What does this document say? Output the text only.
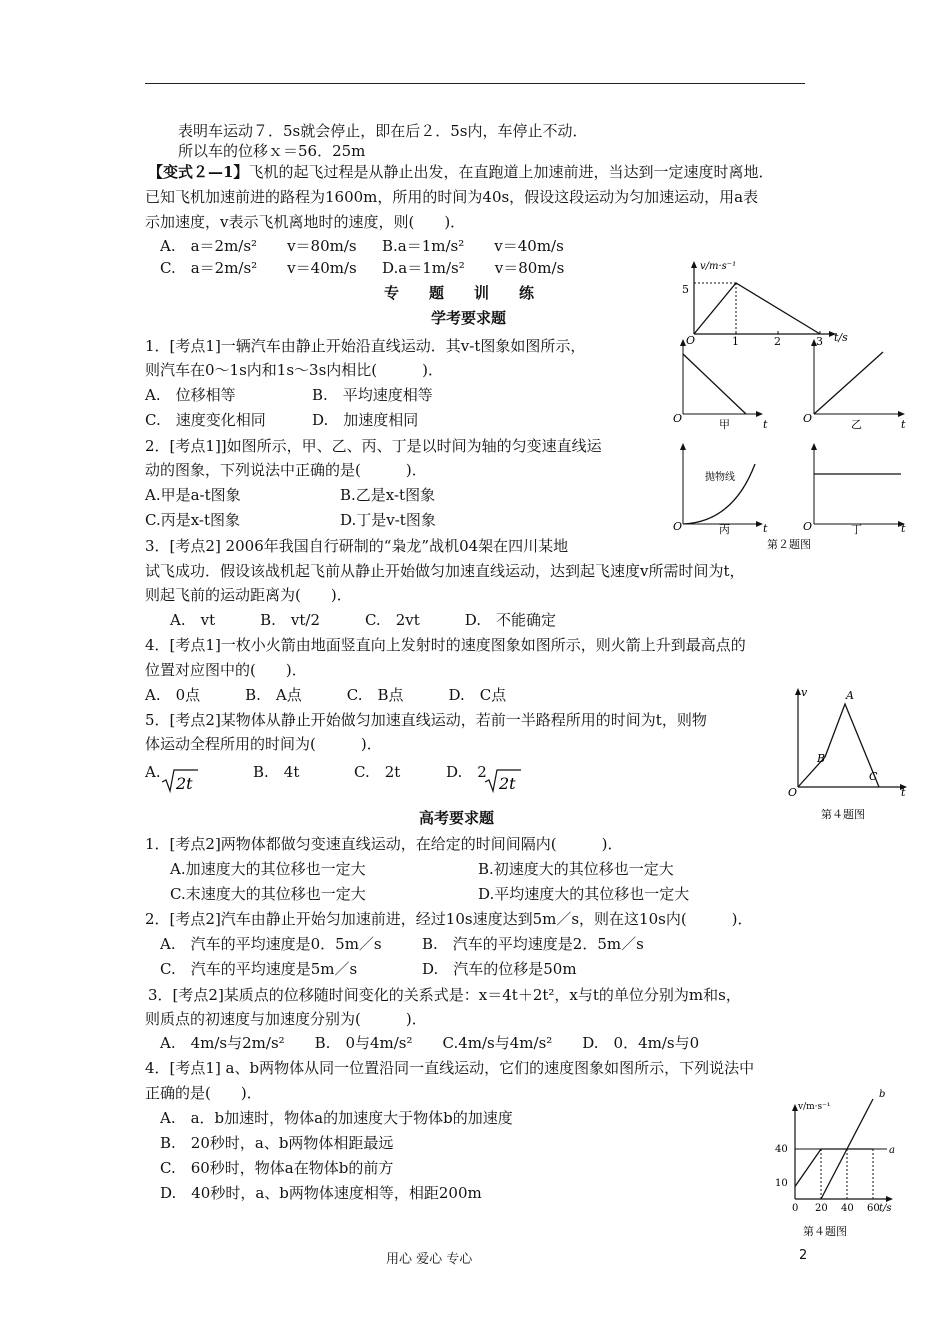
表明车运动７．5s就会停止，即在后２．5s内，车停止不动．
所以车的位移ｘ＝56．25m
【变式２—1】飞机的起飞过程是从静止出发，在直跑道上加速前进，当达到一定速度时离地．
已知飞机加速前进的路程为1600m，所用的时间为40s，假设这段运动为匀加速运动，用a表
示加速度，v表示飞机离地时的速度，则(　　)．
A.　a＝2m/s²　　v＝80m/s B.a＝1m/s²　　v＝40m/s
C.　a＝2m/s²　　v＝40m/s D.a＝1m/s²　　v＝80m/s
专　　题　　训　　练
学考要求题
1．[考点1]一辆汽车由静止开始沿直线运动．其v-t图象如图所示，
则汽车在0～1s内和1s～3s内相比(　　　)．
A.　位移相等	B.　平均速度相等
C.　速度变化相同	D.　加速度相同
2．[考点1]]如图所示，甲、乙、丙、丁是以时间为轴的匀变速直线运
动的图象，下列说法中正确的是(　　　)．
A.甲是a-t图象	B.乙是x-t图象
C.丙是x-t图象	D.丁是v-t图象
3．[考点2] 2006年我国自行研制的“枭龙”战机04架在四川某地
试飞成功．假设该战机起飞前从静止开始做匀加速直线运动，达到起飞速度v所需时间为t，
则起飞前的运动距离为(　　)．
A.　vt　　　B.　vt/2　　　C.　2vt　　　D.　不能确定
4．[考点1]一枚小火箭由地面竖直向上发射时的速度图象如图所示，则火箭上升到最高点的
位置对应图中的(　　)．
A.　0点　　　B.　A点　　　C.　B点　　　D.　C点
5．[考点2]某物体从静止开始做匀加速直线运动，若前一半路程所用的时间为t，则物
体运动全程所用的时间为(　　　)．
A.
2t
B.　4t	C.　2t	D.　2
2t
高考要求题
1．[考点2]两物体都做匀变速直线运动，在给定的时间间隔内(　　　)．
A.加速度大的其位移也一定大	B.初速度大的其位移也一定大
C.末速度大的其位移也一定大	D.平均速度大的其位移也一定大
2．[考点2]汽车由静止开始匀加速前进，经过10s速度达到5m／s，则在这10s内(　　　)．
A.　汽车的平均速度是0．5m／s	B.　汽车的平均速度是2．5m／s
C.　汽车的平均速度是5m／s	D.　汽车的位移是50m
3．[考点2]某质点的位移随时间变化的关系式是：x＝4t＋2t²，x与t的单位分别为m和s，
则质点的初速度与加速度分别为(　　　)．
A.　4m/s与2m/s²　　B.　0与4m/s²　　C.4m/s与4m/s²　　D.　0．4m/s与0
4．[考点1] a、b两物体从同一位置沿同一直线运动，它们的速度图象如图所示，下列说法中
正确的是(　　)．
A.　a．b加速时，物体a的加速度大于物体b的加速度
B.　20秒时，a、b两物体相距最远
C.　60秒时，物体a在物体b的前方
D.　40秒时，a、b两物体速度相等，相距200m
v/m·s⁻¹
t/s
O
5
1	2	3
O	t
甲	O	t
乙
抛物线
O	t
丙	O	t
丁
第２题图
v
t
O
A
B
C
第４题图
v/m·s⁻¹
t/s
0 20 40 60
40
10
a
b
第４题图
用心 爱心 专心	2
